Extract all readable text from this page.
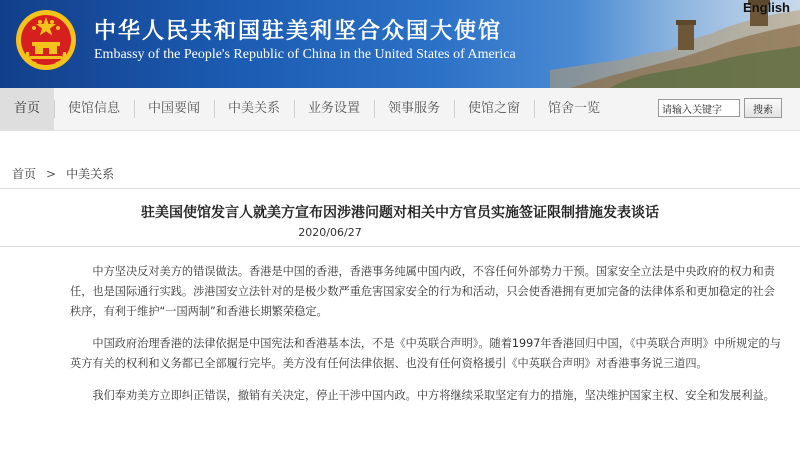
中华人民共和国驻美利坚合众国大使馆
Embassy of the People's Republic of China in the United States of America
English
首页	使馆信息	中国要闻	中美关系	业务设置	领事服务	使馆之窗	馆舍一览
请输入关键字	搜索
首页 > 中美关系
驻美国使馆发言人就美方宣布因涉港问题对相关中方官员实施签证限制措施发表谈话
2020/06/27

中方坚决反对美方的错误做法。香港是中国的香港，香港事务纯属中国内政，不容任何外部势力干预。国家安全立法是中央政府的权力和责任，也是国际通行实践。涉港国安立法针对的是极少数严重危害国家安全的行为和活动，只会使香港拥有更加完备的法律体系和更加稳定的社会秩序，有利于维护“一国两制”和香港长期繁荣稳定。

中国政府治理香港的法律依据是中国宪法和香港基本法，不是《中英联合声明》。随着1997年香港回归中国，《中英联合声明》中所规定的与英方有关的权利和义务都已全部履行完毕。美方没有任何法律依据、也没有任何资格援引《中英联合声明》对香港事务说三道四。

我们奉劝美方立即纠正错误，撤销有关决定，停止干涉中国内政。中方将继续采取坚定有力的措施，坚决维护国家主权、安全和发展利益。
